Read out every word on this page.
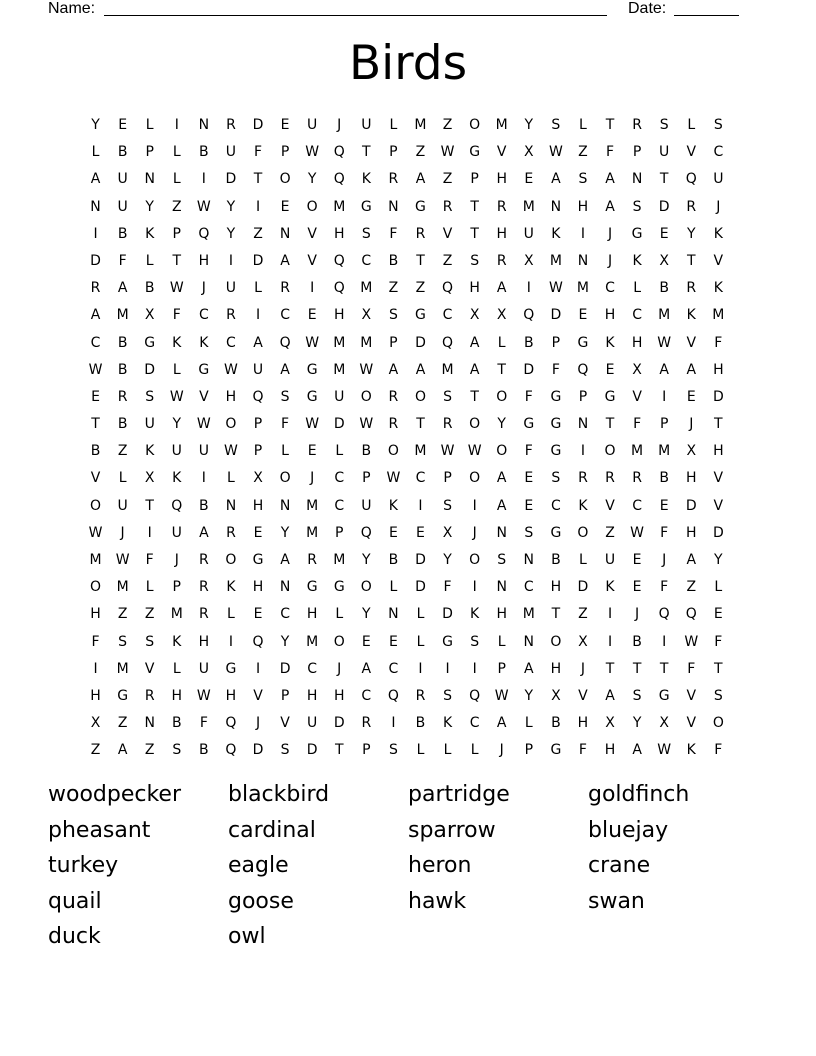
Name:	Date:
Birds
Y	E	L	I	N	R	D	E	U	J	U	L	M	Z	O	M	Y	S	L	T	R	S	L	S
L	B	P	L	B	U	F	P	W	Q	T	P	Z	W	G	V	X	W	Z	F	P	U	V	C
A	U	N	L	I	D	T	O	Y	Q	K	R	A	Z	P	H	E	A	S	A	N	T	Q	U
N	U	Y	Z	W	Y	I	E	O	M	G	N	G	R	T	R	M	N	H	A	S	D	R	J
I	B	K	P	Q	Y	Z	N	V	H	S	F	R	V	T	H	U	K	I	J	G	E	Y	K
D	F	L	T	H	I	D	A	V	Q	C	B	T	Z	S	R	X	M	N	J	K	X	T	V
R	A	B	W	J	U	L	R	I	Q	M	Z	Z	Q	H	A	I	W	M	C	L	B	R	K
A	M	X	F	C	R	I	C	E	H	X	S	G	C	X	X	Q	D	E	H	C	M	K	M
C	B	G	K	K	C	A	Q	W	M	M	P	D	Q	A	L	B	P	G	K	H	W	V	F
W	B	D	L	G	W	U	A	G	M	W	A	A	M	A	T	D	F	Q	E	X	A	A	H
E	R	S	W	V	H	Q	S	G	U	O	R	O	S	T	O	F	G	P	G	V	I	E	D
T	B	U	Y	W	O	P	F	W	D	W	R	T	R	O	Y	G	G	N	T	F	P	J	T
B	Z	K	U	U	W	P	L	E	L	B	O	M	W W	O	F	G	I	O	M	M	X	H
V	L	X	K	I	L	X	O	J	C	P	W	C	P	O	A	E	S	R	R	R	B	H	V
O	U	T	Q	B	N	H	N	M	C	U	K	I	S	I	A	E	C	K	V	C	E	D	V
W	J	I	U	A	R	E	Y	M	P	Q	E	E	X	J	N	S	G	O	Z	W	F	H	D
M	W	F	J	R	O	G	A	R	M	Y	B	D	Y	O	S	N	B	L	U	E	J	A	Y
O	M	L	P	R	K	H	N	G	G	O	L	D	F	I	N	C	H	D	K	E	F	Z	L
H	Z	Z	M	R	L	E	C	H	L	Y	N	L	D	K	H	M	T	Z	I	J	Q	Q	E
F	S	S	K	H	I	Q	Y	M	O	E	E	L	G	S	L	N	O	X	I	B	I	W	F
I	M	V	L	U	G	I	D	C	J	A	C	I	I	I	P	A	H	J	T	T	T	F	T
H	G	R	H	W	H	V	P	H	H	C	Q	R	S	Q	W	Y	X	V	A	S	G	V	S
X	Z	N	B	F	Q	J	V	U	D	R	I	B	K	C	A	L	B	H	X	Y	X	V	O
Z	A	Z	S	B	Q	D	S	D	T	P	S	L	L	L	J	P	G	F	H	A	W	K	F
woodpecker blackbird	partridge	goldfinch
pheasant	cardinal	sparrow	bluejay
turkey	eagle	heron	crane
quail	goose	hawk	swan
duck	owl
